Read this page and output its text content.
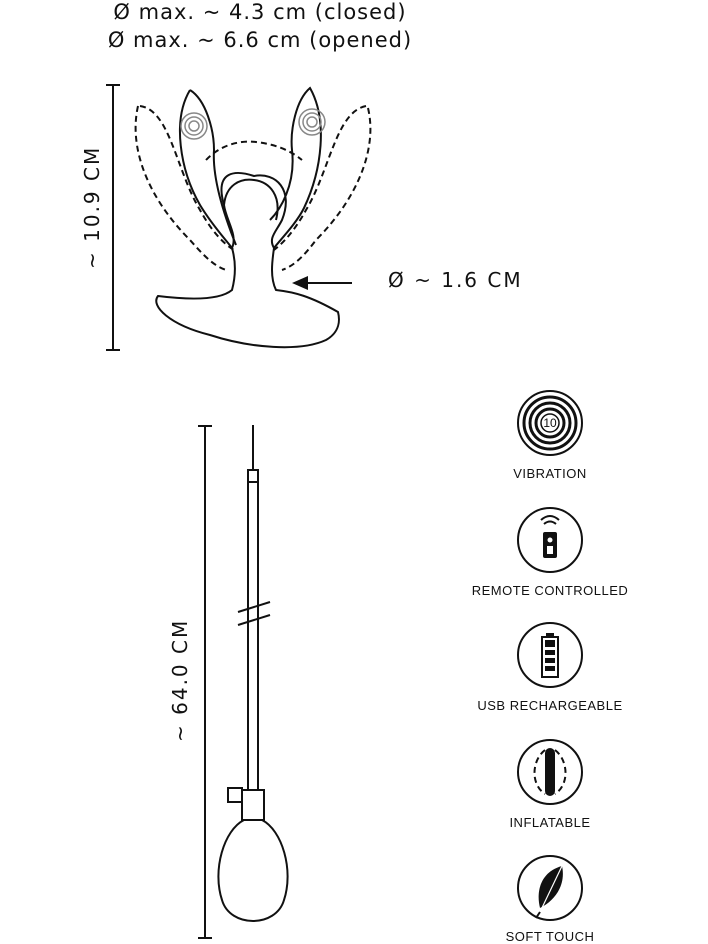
Ø max. ~ 4.3 cm (closed)
Ø max. ~ 6.6 cm (opened)
~ 10.9 CM
Ø ~ 1.6 CM
~ 64.0 CM
10
VIBRATION
REMOTE CONTROLLED
USB RECHARGEABLE
INFLATABLE
SOFT TOUCH
